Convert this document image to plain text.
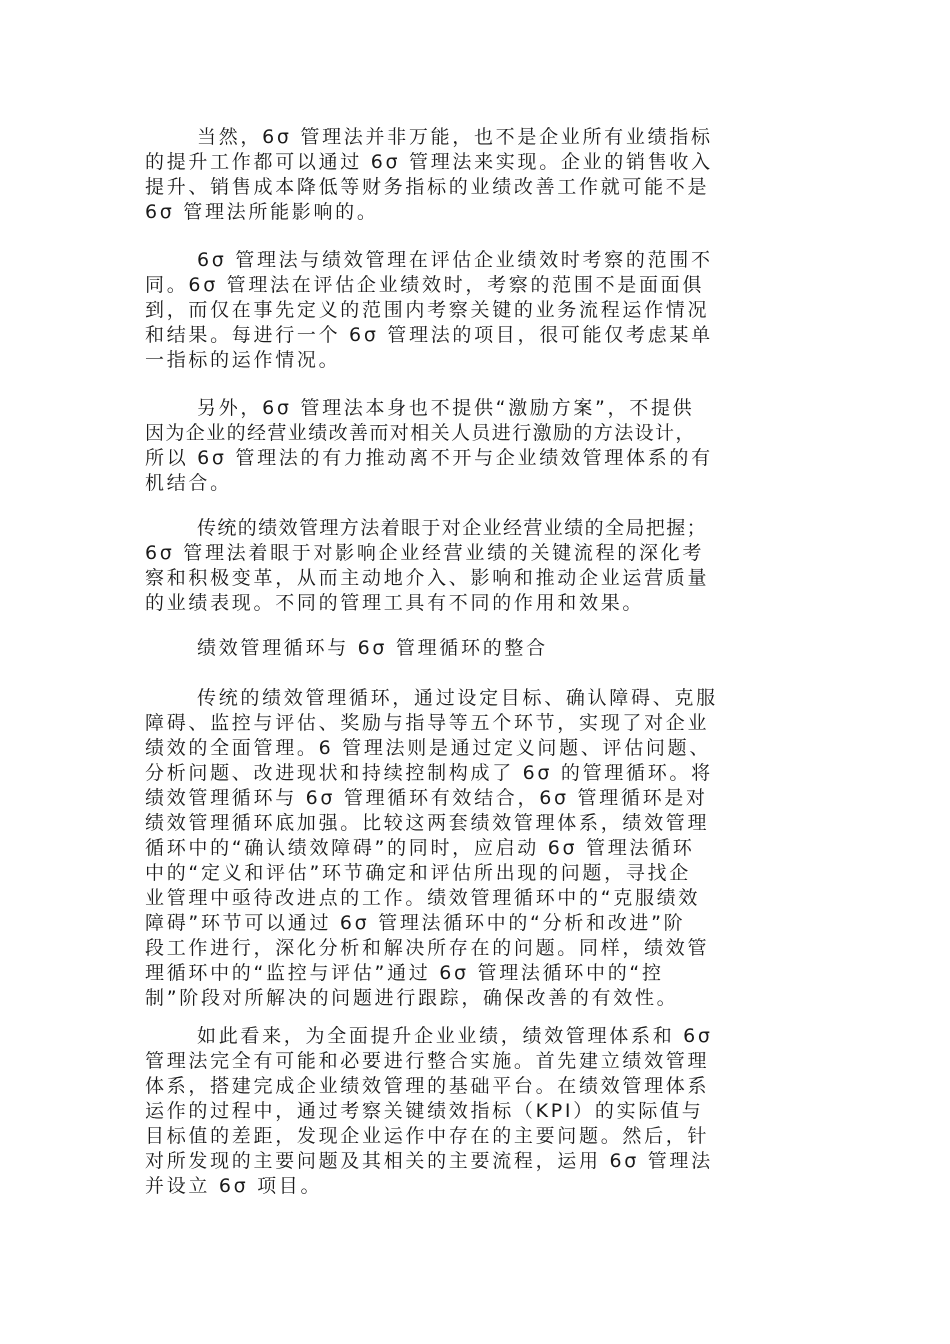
当然，6σ 管理法并非万能，也不是企业所有业绩指标
的提升工作都可以通过 6σ 管理法来实现。企业的销售收入
提升、销售成本降低等财务指标的业绩改善工作就可能不是
6σ 管理法所能影响的。
6σ 管理法与绩效管理在评估企业绩效时考察的范围不
同。6σ 管理法在评估企业绩效时，考察的范围不是面面俱
到，而仅在事先定义的范围内考察关键的业务流程运作情况
和结果。每进行一个 6σ 管理法的项目，很可能仅考虑某单
一指标的运作情况。
另外，6σ 管理法本身也不提供“激励方案”，不提供
因为企业的经营业绩改善而对相关人员进行激励的方法设计，
所以 6σ 管理法的有力推动离不开与企业绩效管理体系的有
机结合。
传统的绩效管理方法着眼于对企业经营业绩的全局把握；
6σ 管理法着眼于对影响企业经营业绩的关键流程的深化考
察和积极变革，从而主动地介入、影响和推动企业运营质量
的业绩表现。不同的管理工具有不同的作用和效果。
绩效管理循环与 6σ 管理循环的整合
传统的绩效管理循环，通过设定目标、确认障碍、克服
障碍、监控与评估、奖励与指导等五个环节，实现了对企业
绩效的全面管理。6 管理法则是通过定义问题、评估问题、
分析问题、改进现状和持续控制构成了 6σ 的管理循环。将
绩效管理循环与 6σ 管理循环有效结合，6σ 管理循环是对
绩效管理循环底加强。比较这两套绩效管理体系，绩效管理
循环中的“确认绩效障碍”的同时，应启动 6σ 管理法循环
中的“定义和评估”环节确定和评估所出现的问题，寻找企
业管理中亟待改进点的工作。绩效管理循环中的“克服绩效
障碍”环节可以通过 6σ 管理法循环中的“分析和改进”阶
段工作进行，深化分析和解决所存在的问题。同样，绩效管
理循环中的“监控与评估”通过 6σ 管理法循环中的“控
制”阶段对所解决的问题进行跟踪，确保改善的有效性。
如此看来，为全面提升企业业绩，绩效管理体系和 6σ
管理法完全有可能和必要进行整合实施。首先建立绩效管理
体系，搭建完成企业绩效管理的基础平台。在绩效管理体系
运作的过程中，通过考察关键绩效指标（KPI）的实际值与
目标值的差距，发现企业运作中存在的主要问题。然后，针
对所发现的主要问题及其相关的主要流程，运用 6σ 管理法
并设立 6σ 项目。
